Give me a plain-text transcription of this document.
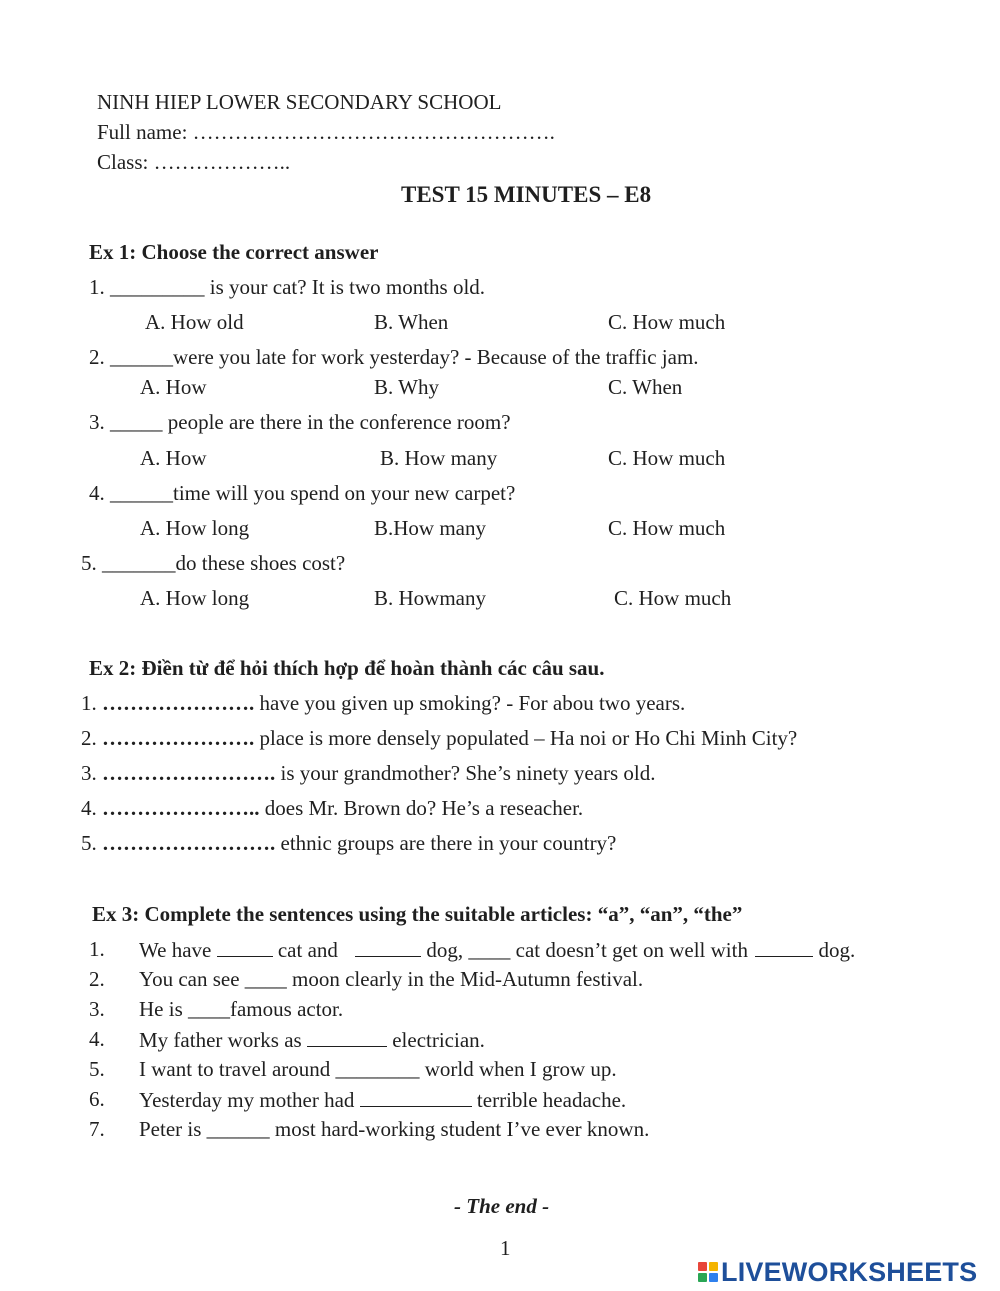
NINH HIEP LOWER SECONDARY SCHOOL
Full name: …………………………………………….
Class: ………………..
TEST 15 MINUTES – E8
Ex 1: Choose the correct answer
1. _________ is your cat? It is two months old.
A. How old	B. When	C. How much
2. ______were you late for work yesterday? - Because of the traffic jam.
A. How	B. Why	C. When
3. _____ people are there in the conference room?
A. How	B. How many	C. How much
4. ______time will you spend on your new carpet?
A. How long	B.How many	C. How much
5. _______do these shoes cost?
A. How long	B. Howmany	C. How much
Ex 2: Điền từ để hỏi thích hợp để hoàn thành các câu sau.
1. …………………. have you given up smoking? - For abou two years.
2. …………………. place is more densely populated – Ha noi or Ho Chi Minh City?
3. ……………………. is your grandmother? She’s ninety years old.
4. ………………….. does Mr. Brown do? He’s a reseacher.
5. ……………………. ethnic groups are there in your country?
Ex 3: Complete the sentences using the suitable articles: “a”, “an”, “the”
1. We have	cat and	dog, ____ cat doesn’t get on well with	dog.
2. You can see ____ moon clearly in the Mid-Autumn festival.
3. He is ____famous actor.
4. My father works as	electrician.
5. I want to travel around ________ world when I grow up.
6. Yesterday my mother had	terrible headache.
7. Peter is ______ most hard-working student I’ve ever known.
- The end -
1
LIVEWORKSHEETS
